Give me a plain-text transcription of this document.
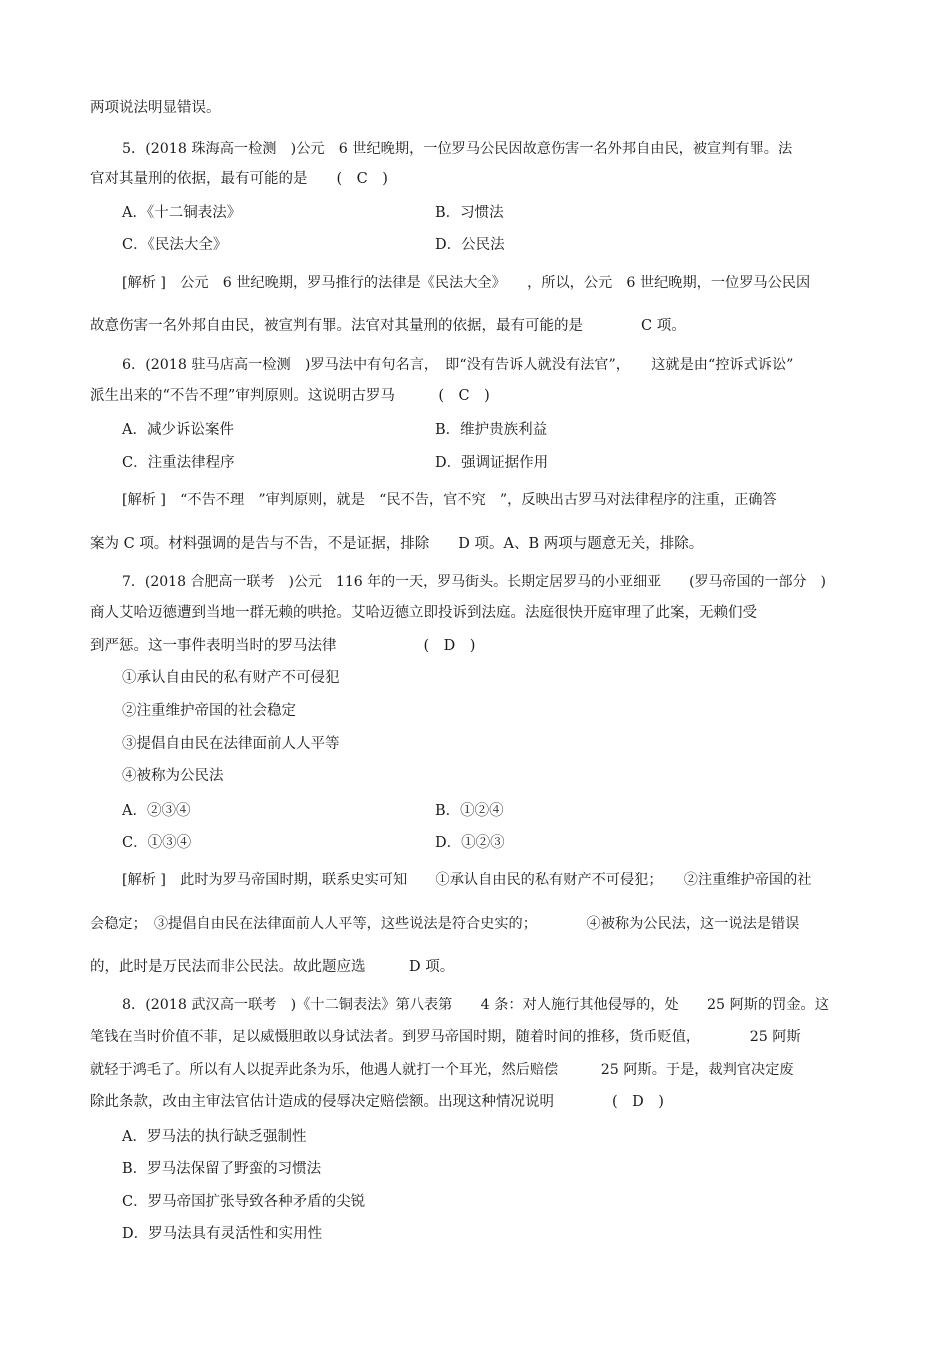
两项说法明显错误。
5．(2018 珠海高一检测　)公元　6 世纪晚期，一位罗马公民因故意伤害一名外邦自由民，被宣判有罪。法
官对其量刑的依据，最有可能的是　　(　C　)
A．《十二铜表法》	B．习惯法
C．《民法大全》	D．公民法
[解析 ]　公元　6 世纪晚期，罗马推行的法律是《民法大全》　　，所以，公元　6 世纪晚期，一位罗马公民因
故意伤害一名外邦自由民，被宣判有罪。法官对其量刑的依据，最有可能的是　　　　C 项。
6．(2018 驻马店高一检测　)罗马法中有句名言，　即“没有告诉人就没有法官”，　　这就是由“控诉式诉讼”
派生出来的“不告不理”审判原则。这说明古罗马　　　(　C　)
A．减少诉讼案件	B．维护贵族利益
C．注重法律程序	D．强调证据作用
[解析 ]　“不告不理　”审判原则，就是　“民不告，官不究　”，反映出古罗马对法律程序的注重，正确答
案为 C 项。材料强调的是告与不告，不是证据，排除　　D 项。A、B 两项与题意无关，排除。
7．(2018 合肥高一联考　)公元　116 年的一天，罗马街头。长期定居罗马的小亚细亚　　(罗马帝国的一部分　)
商人艾哈迈德遭到当地一群无赖的哄抢。艾哈迈德立即投诉到法庭。法庭很快开庭审理了此案，无赖们受
到严惩。这一事件表明当时的罗马法律　　　　　　(　D　)
①承认自由民的私有财产不可侵犯
②注重维护帝国的社会稳定
③提倡自由民在法律面前人人平等
④被称为公民法
A．②③④	B．①②④
C．①③④	D．①②③
[解析 ]　此时为罗马帝国时期，联系史实可知　　①承认自由民的私有财产不可侵犯；　　②注重维护帝国的社
会稳定；　③提倡自由民在法律面前人人平等，这些说法是符合史实的；　　　　④被称为公民法，这一说法是错误
的，此时是万民法而非公民法。故此题应选　　　D 项。
8．(2018 武汉高一联考　)《十二铜表法》第八表第　　4 条：对人施行其他侵辱的，处　　25 阿斯的罚金。这
笔钱在当时价值不菲，足以威慑胆敢以身试法者。到罗马帝国时期，随着时间的推移，货币贬值，　　　　25 阿斯
就轻于鸿毛了。所以有人以捉弄此条为乐，他遇人就打一个耳光，然后赔偿　　　25 阿斯。于是，裁判官决定废
除此条款，改由主审法官估计造成的侵辱决定赔偿额。出现这种情况说明　　　　(　D　)
A．罗马法的执行缺乏强制性
B．罗马法保留了野蛮的习惯法
C．罗马帝国扩张导致各种矛盾的尖锐
D．罗马法具有灵活性和实用性
